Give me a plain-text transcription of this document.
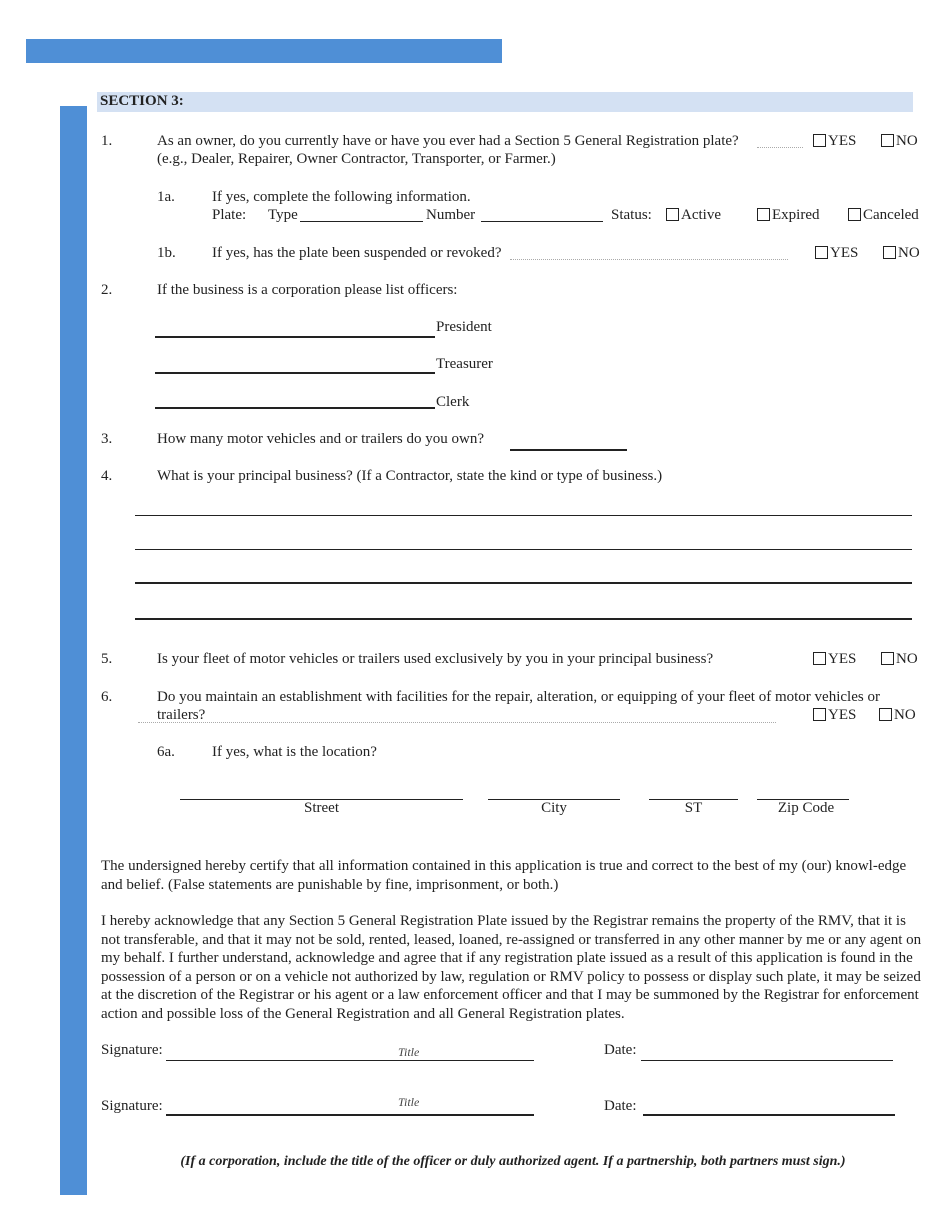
SECTION 3:
1.	As an owner, do you currently have or have you ever had a Section 5 General Registration plate?
(e.g., Dealer, Repairer, Owner Contractor, Transporter, or Farmer.)
YES	NO
1a. If yes, complete the following information.
Plate: Type	Number	Status:	Active	Expired	Canceled
1b. If yes, has the plate been suspended or revoked?	YES	NO
2.	If the business is a corporation please list officers:
President
Treasurer
Clerk
3.	How many motor vehicles and or trailers do you own?
4.	What is your principal business? (If a Contractor, state the kind or type of business.)
5.	Is your fleet of motor vehicles or trailers used exclusively by you in your principal business?	YES	NO
6.	Do you maintain an establishment with facilities for the repair, alteration, or equipping of your fleet of motor vehicles or
trailers?	YES	NO
6a. If yes, what is the location?
Street	City	ST	Zip Code
The undersigned hereby certify that all information contained in this application is true and correct to the best of my (our) knowl-edge and belief. (False statements are punishable by fine, imprisonment, or both.)
I hereby acknowledge that any Section 5 General Registration Plate issued by the Registrar remains the property of the RMV, that it is not transferable, and that it may not be sold, rented, leased, loaned, re-assigned or transferred in any other manner by me or any agent on my behalf. I further understand, acknowledge and agree that if any registration plate issued as a result of this application is found in the possession of a person or on a vehicle not authorized by law, regulation or RMV policy to possess or display such plate, it may be seized at the discretion of the Registrar or his agent or a law enforcement officer and that I may be summoned by the Registrar for enforcement action and possible loss of the General Registration and all General Registration plates.
Signature:	Title	Date:
Signature:	Title	Date:
(If a corporation, include the title of the officer or duly authorized agent. If a partnership, both partners must sign.)
